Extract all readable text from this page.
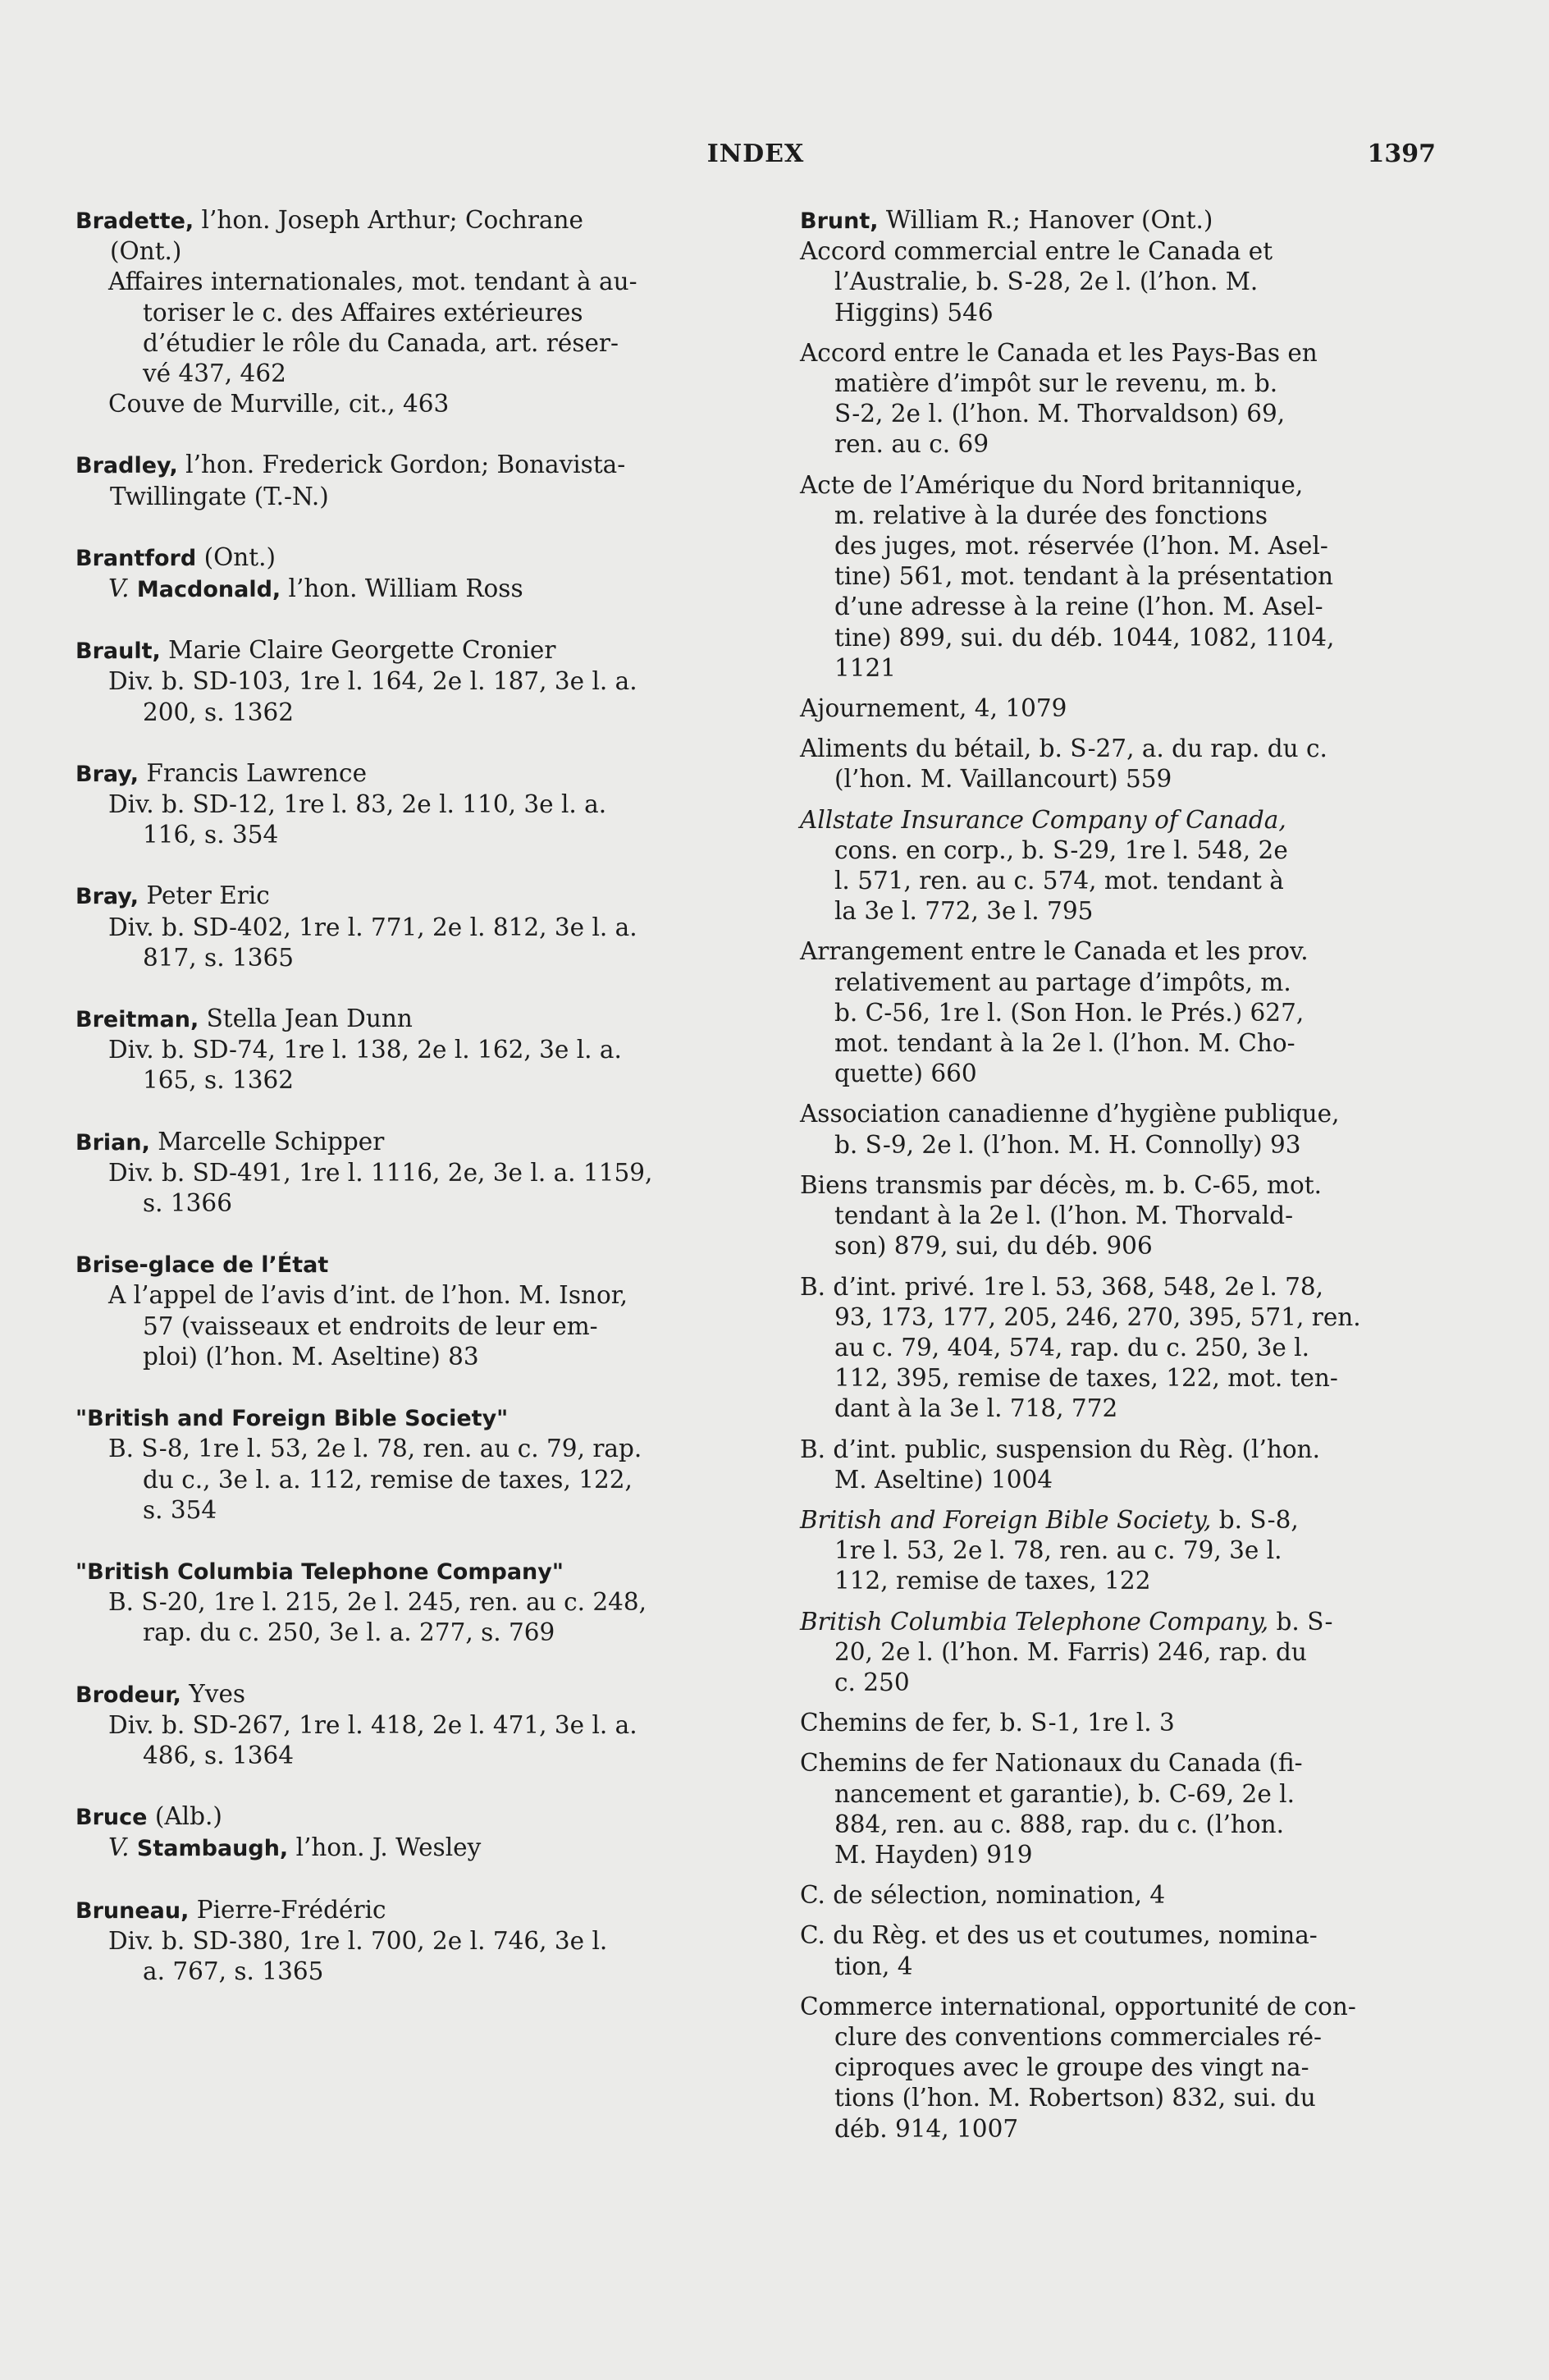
INDEX	1397
Bradette, l’hon. Joseph Arthur; Cochrane
(Ont.)
Affaires internationales, mot. tendant à au-
toriser le c. des Affaires extérieures
d’étudier le rôle du Canada, art. réser-
vé 437, 462
Couve de Murville, cit., 463
Bradley, l’hon. Frederick Gordon; Bonavista-
Twillingate (T.-N.)
Brantford (Ont.)
V. Macdonald, l’hon. William Ross
Brault, Marie Claire Georgette Cronier
Div. b. SD-103, 1re l. 164, 2e l. 187, 3e l. a.
200, s. 1362
Bray, Francis Lawrence
Div. b. SD-12, 1re l. 83, 2e l. 110, 3e l. a.
116, s. 354
Bray, Peter Eric
Div. b. SD-402, 1re l. 771, 2e l. 812, 3e l. a.
817, s. 1365
Breitman, Stella Jean Dunn
Div. b. SD-74, 1re l. 138, 2e l. 162, 3e l. a.
165, s. 1362
Brian, Marcelle Schipper
Div. b. SD-491, 1re l. 1116, 2e, 3e l. a. 1159,
s. 1366
Brise-glace de l’État
A l’appel de l’avis d’int. de l’hon. M. Isnor,
57 (vaisseaux et endroits de leur em-
ploi) (l’hon. M. Aseltine) 83
"British and Foreign Bible Society"
B. S-8, 1re l. 53, 2e l. 78, ren. au c. 79, rap.
du c., 3e l. a. 112, remise de taxes, 122,
s. 354
"British Columbia Telephone Company"
B. S-20, 1re l. 215, 2e l. 245, ren. au c. 248,
rap. du c. 250, 3e l. a. 277, s. 769
Brodeur, Yves
Div. b. SD-267, 1re l. 418, 2e l. 471, 3e l. a.
486, s. 1364
Bruce (Alb.)
V. Stambaugh, l’hon. J. Wesley
Bruneau, Pierre-Frédéric
Div. b. SD-380, 1re l. 700, 2e l. 746, 3e l.
a. 767, s. 1365
Brunt, William R.; Hanover (Ont.)
Accord commercial entre le Canada et
l’Australie, b. S-28, 2e l. (l’hon. M.
Higgins) 546
Accord entre le Canada et les Pays-Bas en
matière d’impôt sur le revenu, m. b.
S-2, 2e l. (l’hon. M. Thorvaldson) 69,
ren. au c. 69
Acte de l’Amérique du Nord britannique,
m. relative à la durée des fonctions
des juges, mot. réservée (l’hon. M. Asel-
tine) 561, mot. tendant à la présentation
d’une adresse à la reine (l’hon. M. Asel-
tine) 899, sui. du déb. 1044, 1082, 1104,
1121
Ajournement, 4, 1079
Aliments du bétail, b. S-27, a. du rap. du c.
(l’hon. M. Vaillancourt) 559
Allstate Insurance Company of Canada,
cons. en corp., b. S-29, 1re l. 548, 2e
l. 571, ren. au c. 574, mot. tendant à
la 3e l. 772, 3e l. 795
Arrangement entre le Canada et les prov.
relativement au partage d’impôts, m.
b. C-56, 1re l. (Son Hon. le Prés.) 627,
mot. tendant à la 2e l. (l’hon. M. Cho-
quette) 660
Association canadienne d’hygiène publique,
b. S-9, 2e l. (l’hon. M. H. Connolly) 93
Biens transmis par décès, m. b. C-65, mot.
tendant à la 2e l. (l’hon. M. Thorvald-
son) 879, sui, du déb. 906
B. d’int. privé. 1re l. 53, 368, 548, 2e l. 78,
93, 173, 177, 205, 246, 270, 395, 571, ren.
au c. 79, 404, 574, rap. du c. 250, 3e l.
112, 395, remise de taxes, 122, mot. ten-
dant à la 3e l. 718, 772
B. d’int. public, suspension du Règ. (l’hon.
M. Aseltine) 1004
British and Foreign Bible Society, b. S-8,
1re l. 53, 2e l. 78, ren. au c. 79, 3e l.
112, remise de taxes, 122
British Columbia Telephone Company, b. S-
20, 2e l. (l’hon. M. Farris) 246, rap. du
c. 250
Chemins de fer, b. S-1, 1re l. 3
Chemins de fer Nationaux du Canada (fi-
nancement et garantie), b. C-69, 2e l.
884, ren. au c. 888, rap. du c. (l’hon.
M. Hayden) 919
C. de sélection, nomination, 4
C. du Règ. et des us et coutumes, nomina-
tion, 4
Commerce international, opportunité de con-
clure des conventions commerciales ré-
ciproques avec le groupe des vingt na-
tions (l’hon. M. Robertson) 832, sui. du
déb. 914, 1007
